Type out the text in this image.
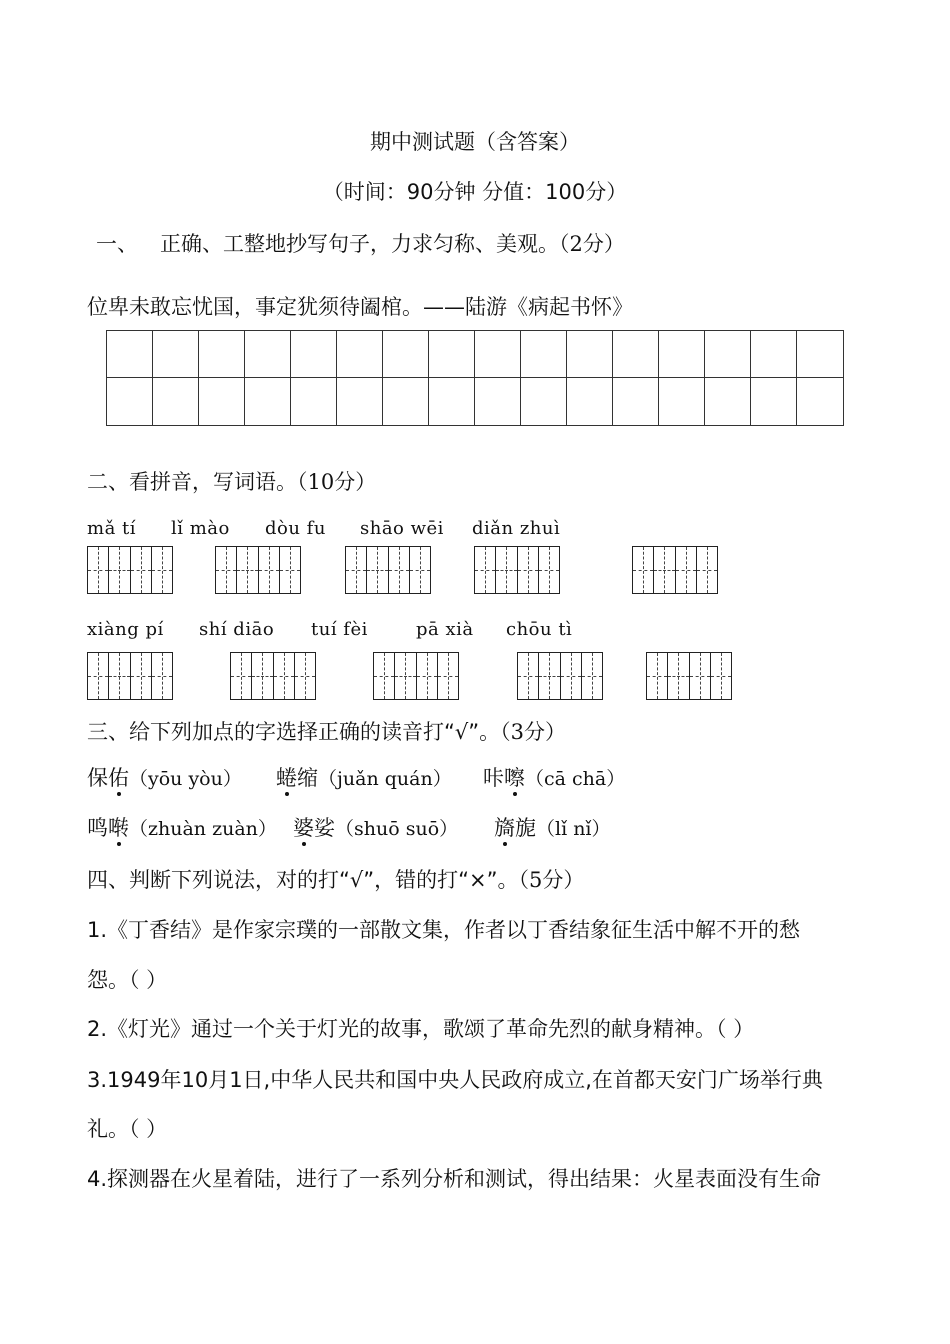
期中测试题（含答案）
（时间：90分钟 分值：100分）
一、 正确、工整地抄写句子，力求匀称、美观。（2分）
位卑未敢忘忧国，事定犹须待阖棺。——陆游《病起书怀》
二、看拼音，写词语。（10分）
mǎ tí lǐ mào dòu fu shāo wēi diǎn zhuì
xiàng pí shí diāo tuí fèi	pā xià chōu tì
三、给下列加点的字选择正确的读音打“√”。（3分）
保佑（yōu yòu） 蜷缩（juǎn quán） 咔嚓（cā chā）
鸣啭（zhuàn zuàn） 婆娑（shuō suō） 旖旎（lǐ nǐ）
四、判断下列说法，对的打“√”，错的打“×”。（5分）
1.《丁香结》是作家宗璞的一部散文集，作者以丁香结象征生活中解不开的愁
怨。（ ）
2.《灯光》通过一个关于灯光的故事，歌颂了革命先烈的献身精神。（ ）
3.1949年10月1日,中华人民共和国中央人民政府成立,在首都天安门广场举行典
礼。（ ）
4.探测器在火星着陆，进行了一系列分析和测试，得出结果：火星表面没有生命
